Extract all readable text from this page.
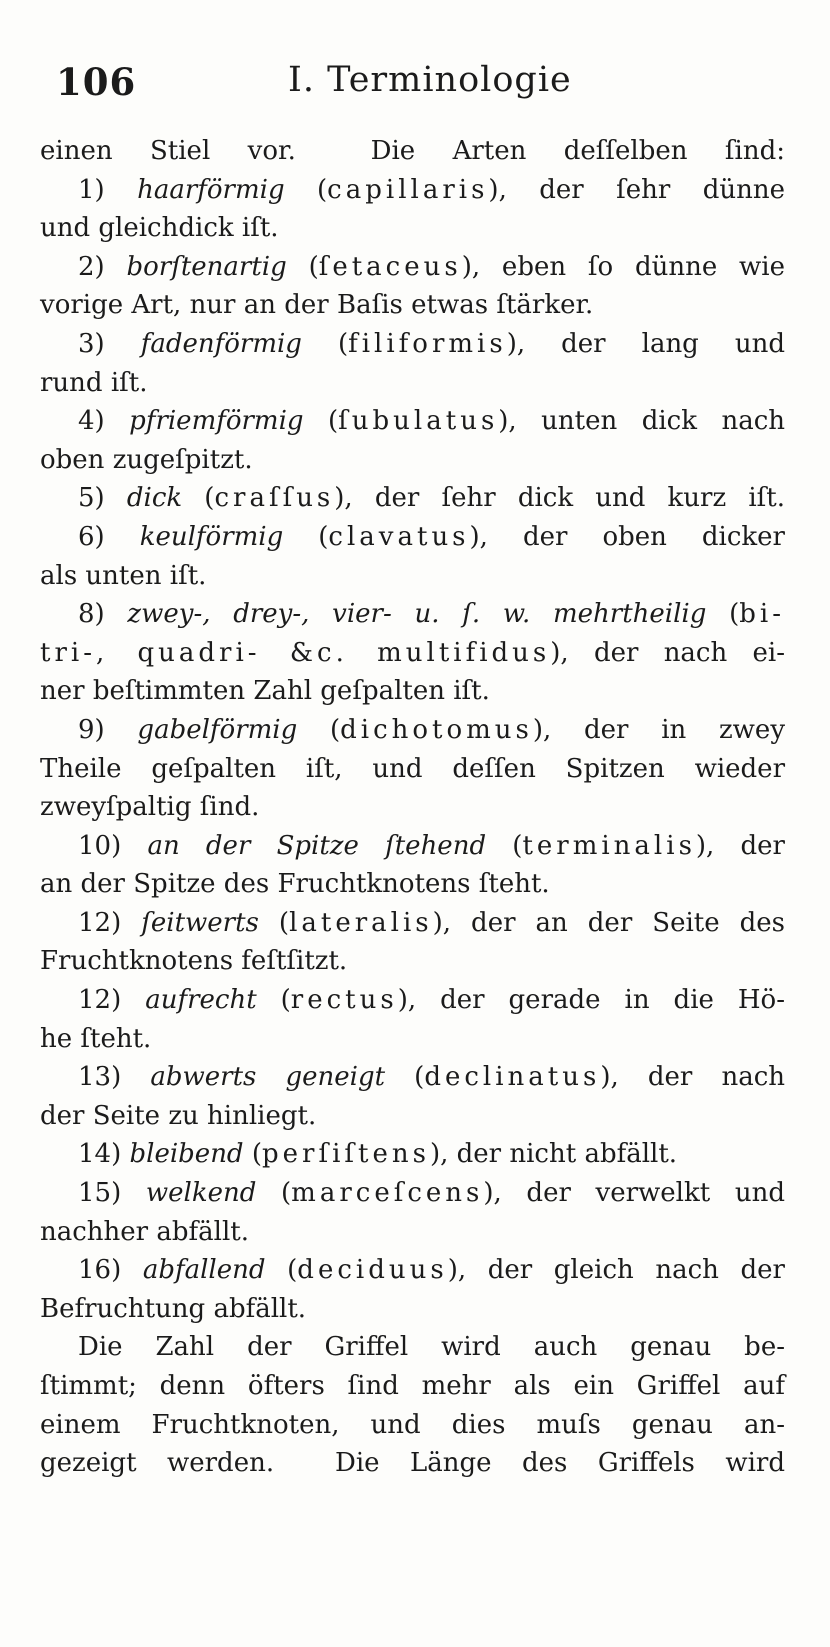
106	I. Terminologie
einen Stiel vor.  Die Arten deſſelben ſind:
1) haarförmig (capillaris), der ſehr dünne
und gleichdick iſt.
2) borſtenartig (ſetaceus), eben ſo dünne wie
vorige Art, nur an der Baſis etwas ſtärker.
3) fadenförmig (filiformis), der lang und
rund iſt.
4) pfriemförmig (ſubulatus), unten dick nach
oben zugeſpitzt.
5) dick (craſſus), der ſehr dick und kurz iſt.
6) keulförmig (clavatus), der oben dicker
als unten iſt.
8) zwey-, drey-, vier- u. ſ. w. mehrtheilig (bi-
tri-, quadri- &c. multifidus), der nach ei-
ner beſtimmten Zahl geſpalten iſt.
9) gabelförmig (dichotomus), der in zwey
Theile geſpalten iſt, und deſſen Spitzen wieder
zweyſpaltig ſind.
10) an der Spitze ſtehend (terminalis), der
an der Spitze des Fruchtknotens ſteht.
12) ſeitwerts (lateralis), der an der Seite des
Fruchtknotens feſtſitzt.
12) aufrecht (rectus), der gerade in die Hö-
he ſteht.
13) abwerts geneigt (declinatus), der nach
der Seite zu hinliegt.
14) bleibend (perſiſtens), der nicht abfällt.
15) welkend (marceſcens), der verwelkt und
nachher abfällt.
16) abfallend (deciduus), der gleich nach der
Befruchtung abfällt.
Die Zahl der Griffel wird auch genau be-
ſtimmt; denn öfters ſind mehr als ein Griffel auf
einem Fruchtknoten, und dies muſs genau an-
gezeigt werden.  Die Länge des Griffels wird
